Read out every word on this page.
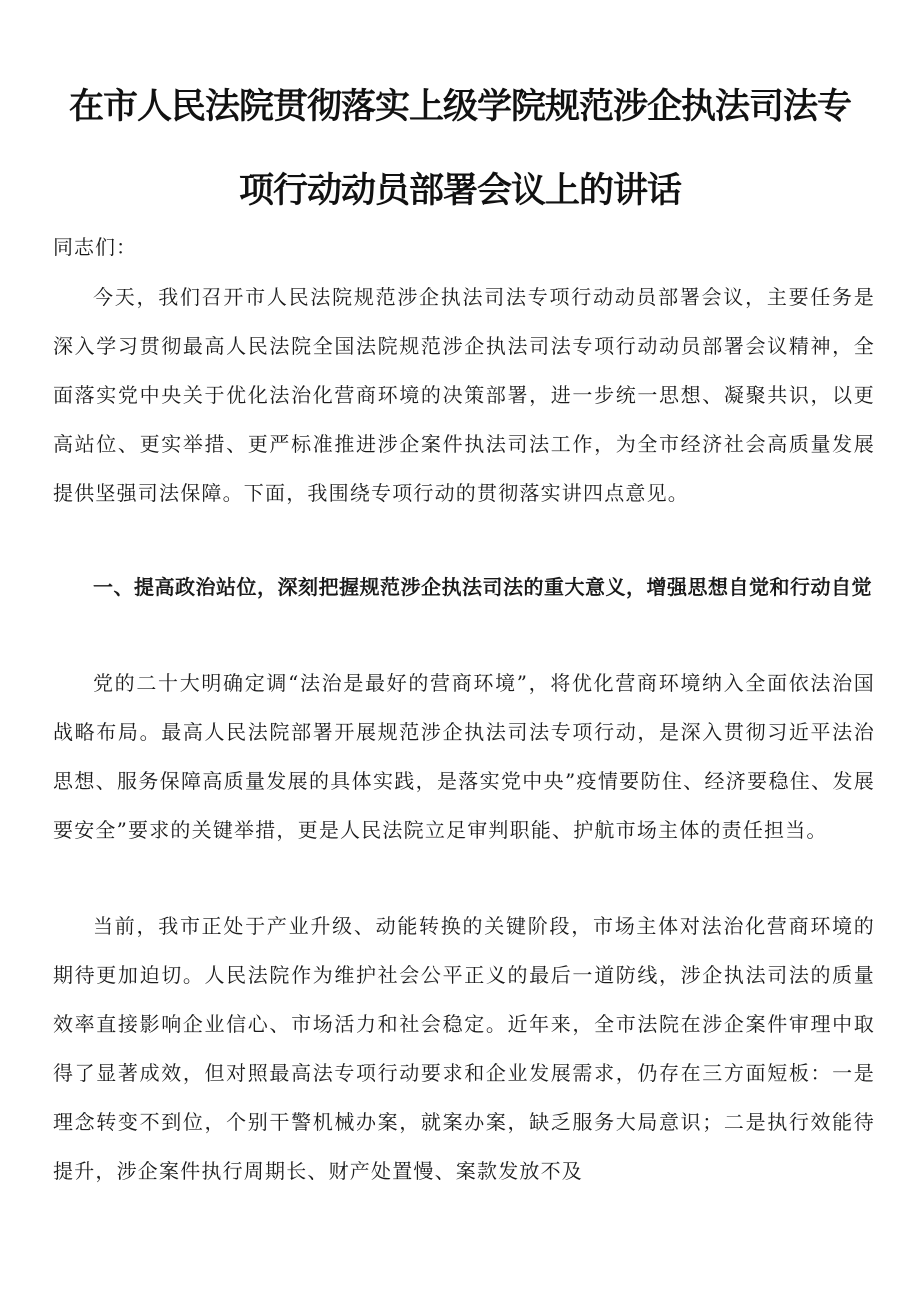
在市人民法院贯彻落实上级学院规范涉企执法司法专
项行动动员部署会议上的讲话
同志们：
今天，我们召开市人民法院规范涉企执法司法专项行动动员部署会议，主要任务是深入学习贯彻最高人民法院全国法院规范涉企执法司法专项行动动员部署会议精神，全面落实党中央关于优化法治化营商环境的决策部署，进一步统一思想、凝聚共识，以更高站位、更实举措、更严标准推进涉企案件执法司法工作，为全市经济社会高质量发展提供坚强司法保障。下面，我围绕专项行动的贯彻落实讲四点意见。
一、提高政治站位，深刻把握规范涉企执法司法的重大意义，增强思想自觉和行动自觉
党的二十大明确定调“法治是最好的营商环境”，将优化营商环境纳入全面依法治国战略布局。最高人民法院部署开展规范涉企执法司法专项行动，是深入贯彻习近平法治思想、服务保障高质量发展的具体实践，是落实党中央”疫情要防住、经济要稳住、发展要安全”要求的关键举措，更是人民法院立足审判职能、护航市场主体的责任担当。
当前，我市正处于产业升级、动能转换的关键阶段，市场主体对法治化营商环境的期待更加迫切。人民法院作为维护社会公平正义的最后一道防线，涉企执法司法的质量效率直接影响企业信心、市场活力和社会稳定。近年来，全市法院在涉企案件审理中取得了显著成效，但对照最高法专项行动要求和企业发展需求，仍存在三方面短板：一是理念转变不到位，个别干警机械办案，就案办案，缺乏服务大局意识；二是执行效能待提升，涉企案件执行周期长、财产处置慢、案款发放不及
